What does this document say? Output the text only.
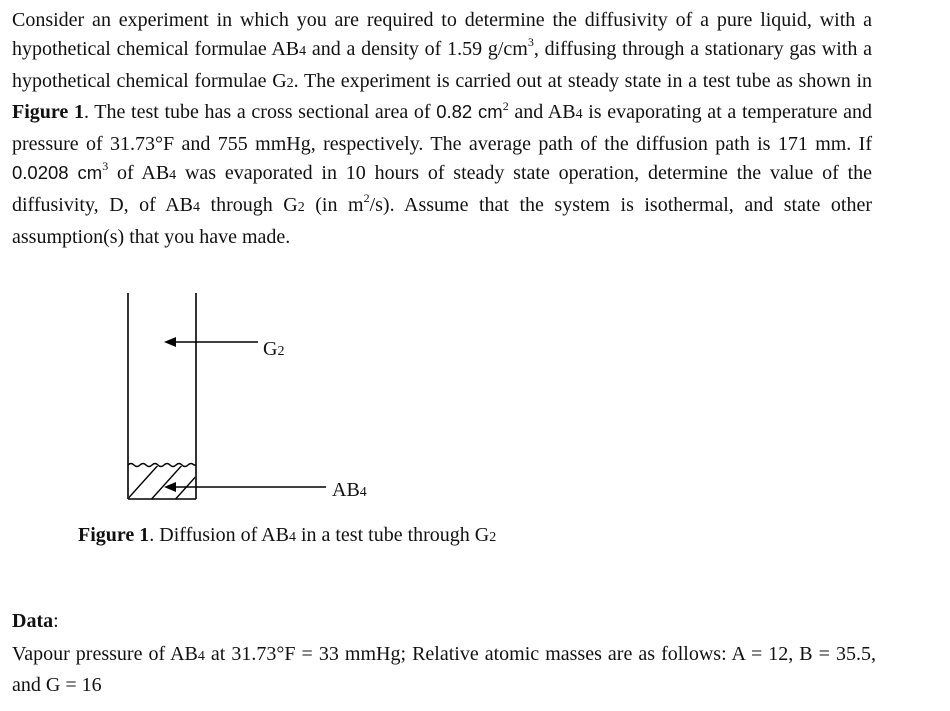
Consider an experiment in which you are required to determine the diffusivity of a pure liquid, with a hypothetical chemical formulae AB4 and a density of 1.59 $g/cm^3$, diffusing through a stationary gas with a hypothetical chemical formulae G2. The experiment is carried out at steady state in a test tube as shown in Figure 1. The test tube has a cross sectional area of 0.82 $cm^2$ and AB4 is evaporating at a temperature and pressure of 31.73°F and 755 mmHg, respectively. The average path of the diffusion path is 171 mm. If 0.0208 $cm^3$ of AB4 was evaporated in 10 hours of steady state operation, determine the value of the diffusivity, D, of AB4 through G2 (in $m^2/s$). Assume that the system is isothermal, and state other assumption(s) that you have made.

G2
AB4
Figure 1. Diffusion of AB4 in a test tube through G2
Data:

Vapour pressure of AB4 at 31.73°F = 33 mmHg; Relative atomic masses are as follows: A = 12, B = 35.5, and G = 16
